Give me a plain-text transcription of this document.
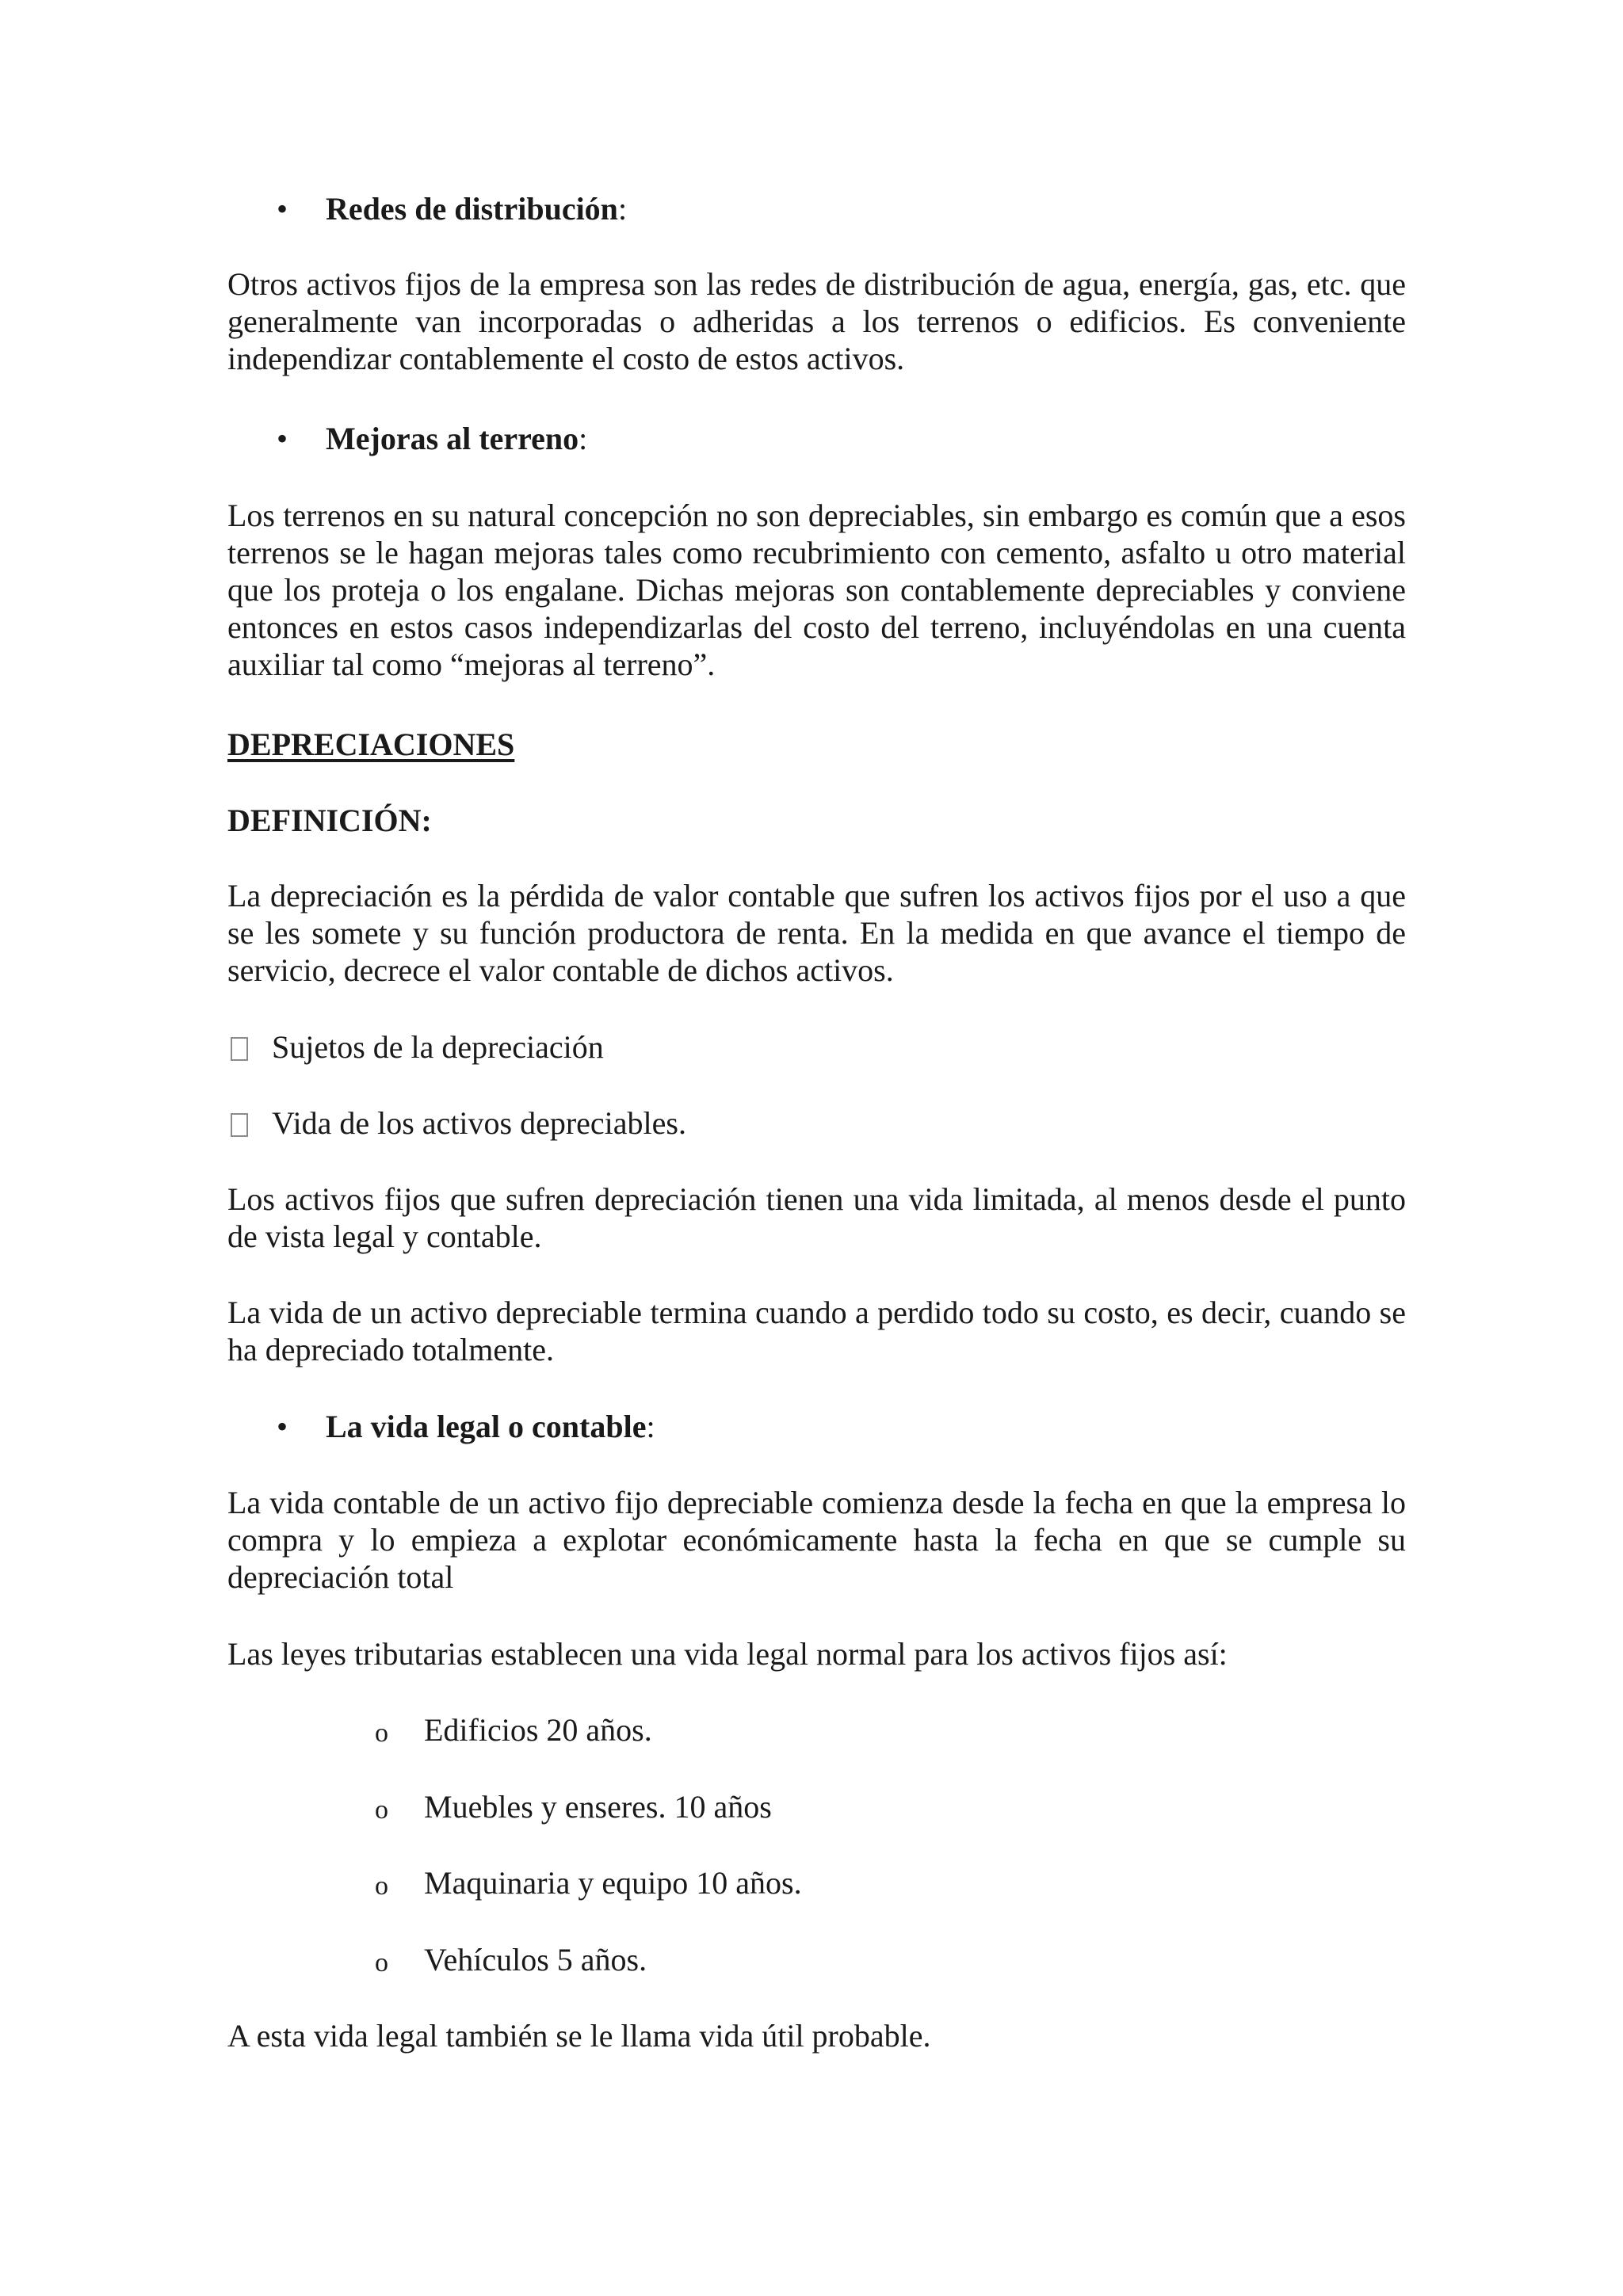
• Redes de distribución:

Otros activos fijos de la empresa son las redes de distribución de agua, energía, gas, etc. que generalmente van incorporadas o adheridas a los terrenos o edificios. Es conveniente independizar contablemente el costo de estos activos.

• Mejoras al terreno:

Los terrenos en su natural concepción no son depreciables, sin embargo es común que a esos terrenos se le hagan mejoras tales como recubrimiento con cemento, asfalto u otro material que los proteja o los engalane. Dichas mejoras son contablemente depreciables y conviene entonces en estos casos independizarlas del costo del terreno, incluyéndolas en una cuenta auxiliar tal como “mejoras al terreno”.

DEPRECIACIONES

DEFINICIÓN:

La depreciación es la pérdida de valor contable que sufren los activos fijos por el uso a que se les somete y su función productora de renta. En la medida en que avance el tiempo de servicio, decrece el valor contable de dichos activos.

Sujetos de la depreciación

Vida de los activos depreciables.

Los activos fijos que sufren depreciación tienen una vida limitada, al menos desde el punto de vista legal y contable.

La vida de un activo depreciable termina cuando a perdido todo su costo, es decir, cuando se ha depreciado totalmente.

• La vida legal o contable:

La vida contable de un activo fijo depreciable comienza desde la fecha en que la empresa lo compra y lo empieza a explotar económicamente hasta la fecha en que se cumple su depreciación total

Las leyes tributarias establecen una vida legal normal para los activos fijos así:

o Edificios 20 años.
o Muebles y enseres. 10 años
o Maquinaria y equipo 10 años.
o Vehículos 5 años.

A esta vida legal también se le llama vida útil probable.
